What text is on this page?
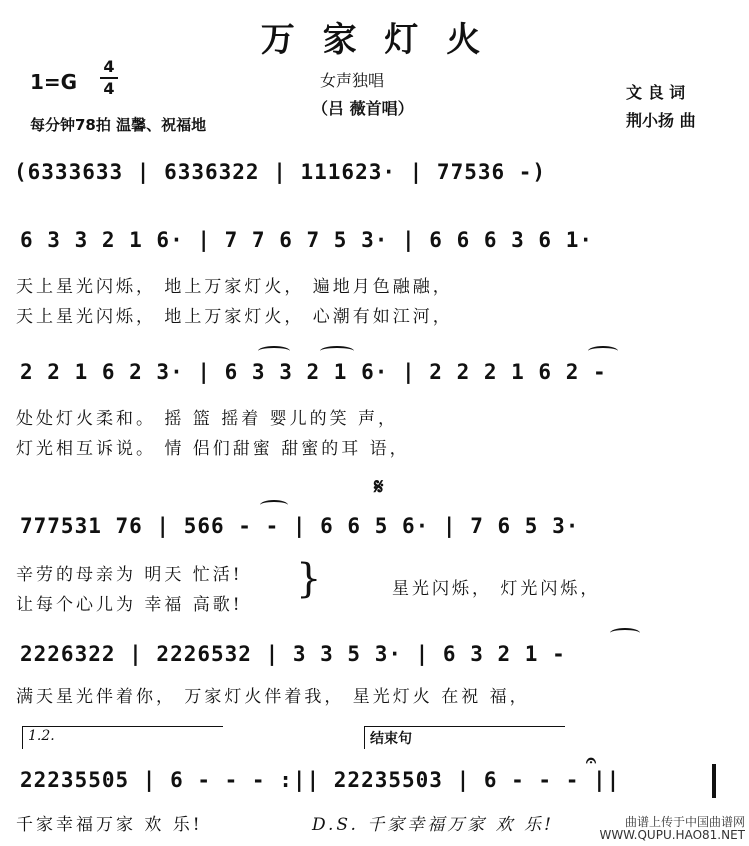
万 家 灯 火
1=G
4
4	女声独唱
（吕 薇首唱）
每分钟78拍 温馨、祝福地
文 良 词
荆小扬 曲
(6333633 | 6336322 | 111623· | 77536 -)
6 3 3 2 1 6· | 7 7 6 7 5 3· | 6 6 6 3 6 1·
天上星光闪烁， 地上万家灯火， 遍地月色融融，
天上星光闪烁， 地上万家灯火， 心潮有如江河，
2 2 1 6 2 3· | 6 3 3 2 1 6· | 2 2 2 1 6 2 -
处处灯火柔和。 摇 篮 摇着 婴儿的笑 声，
灯光相互诉说。 情 侣们甜蜜 甜蜜的耳 语，
𝄋
777531 76 | 566 - - | 6 6 5 6· | 7 6 5 3·
辛劳的母亲为 明天 忙活!
让每个心儿为 幸福 高歌!
}	星光闪烁， 灯光闪烁，
2226322 | 2226532 | 3 3 5 3· | 6 3 2 1 -
满天星光伴着你， 万家灯火伴着我， 星光灯火 在祝 福，
1.2.	结束句
𝄐
22235505 | 6 - - - :|| 22235503 | 6 - - - ||
千家幸福万家 欢 乐!	D.S. 千家幸福万家 欢 乐!	曲谱上传于中国曲谱网
WWW.QUPU.HAO81.NET
